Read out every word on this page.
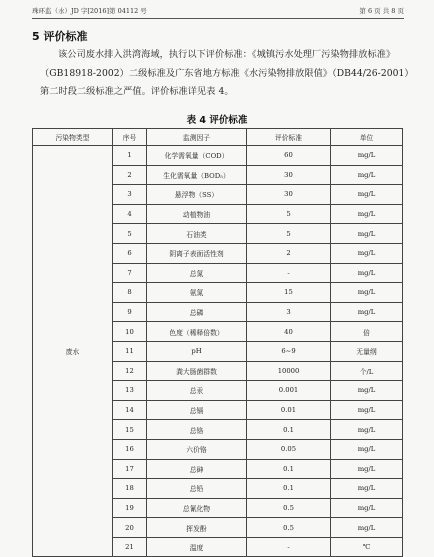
珠环监（水）JD 字[2016]第 04112 号	第 6 页 共 8 页
5 评价标准
该公司废水排入洪湾海域，执行以下评价标准：《城镇污水处理厂污染物排放标准》（GB18918-2002）二级标准及广东省地方标准《水污染物排放限值》（DB44/26-2001）第二时段二级标准之严值。评价标准详见表 4。
表 4 评价标准
污染物类型	序号	监测因子	评价标准	单位
废水	1	化学需氧量（COD）	60	mg/L
	2	生化需氧量（BOD₅）	30	mg/L
	3	悬浮物（SS）	30	mg/L
	4	动植物油	5	mg/L
	5	石油类	5	mg/L
	6	阴离子表面活性剂	2	mg/L
	7	总氮	-	mg/L
	8	氨氮	15	mg/L
	9	总磷	3	mg/L
	10	色度（稀释倍数）	40	倍
	11	pH	6~9	无量纲
	12	粪大肠菌群数	10000	个/L
	13	总汞	0.001	mg/L
	14	总镉	0.01	mg/L
	15	总铬	0.1	mg/L
	16	六价铬	0.05	mg/L
	17	总砷	0.1	mg/L
	18	总铅	0.1	mg/L
	19	总氰化物	0.5	mg/L
	20	挥发酚	0.5	mg/L
	21	温度	-	℃
